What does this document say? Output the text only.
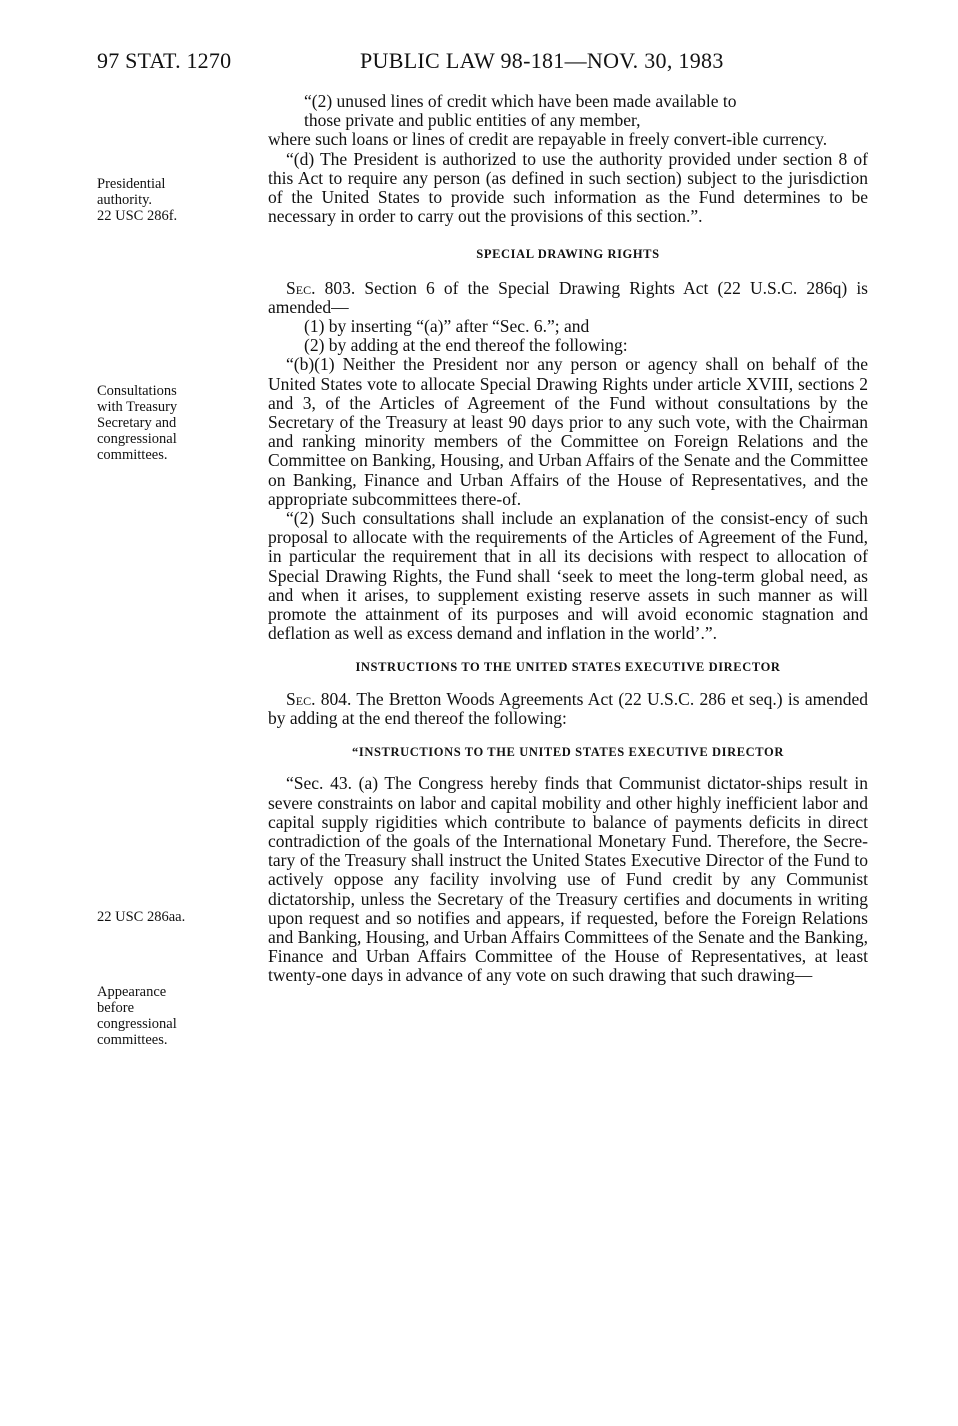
97 STAT. 1270	PUBLIC LAW 98-181—NOV. 30, 1983
Presidential
authority.
22 USC 286f.
Consultations
with Treasury
Secretary and
congressional
committees.
22 USC 286aa.
Appearance
before
congressional
committees.

“(2) unused lines of credit which have been made available to

those private and public entities of any member,

where such loans or lines of credit are repayable in freely convert-ible currency.

“(d) The President is authorized to use the authority provided under section 8 of this Act to require any person (as defined in such section) subject to the jurisdiction of the United States to provide such information as the Fund determines to be necessary in order to carry out the provisions of this section.”.

SPECIAL DRAWING RIGHTS

Sec. 803. Section 6 of the Special Drawing Rights Act (22 U.S.C. 286q) is amended—

(1) by inserting “(a)” after “Sec. 6.”; and

(2) by adding at the end thereof the following:

“(b)(1) Neither the President nor any person or agency shall on behalf of the United States vote to allocate Special Drawing Rights under article XVIII, sections 2 and 3, of the Articles of Agreement of the Fund without consultations by the Secretary of the Treasury at least 90 days prior to any such vote, with the Chairman and ranking minority members of the Committee on Foreign Relations and the Committee on Banking, Housing, and Urban Affairs of the Senate and the Committee on Banking, Finance and Urban Affairs of the House of Representatives, and the appropriate subcommittees there-of.

“(2) Such consultations shall include an explanation of the consist-ency of such proposal to allocate with the requirements of the Articles of Agreement of the Fund, in particular the requirement that in all its decisions with respect to allocation of Special Drawing Rights, the Fund shall ‘seek to meet the long-term global need, as and when it arises, to supplement existing reserve assets in such manner as will promote the attainment of its purposes and will avoid economic stagnation and deflation as well as excess demand and inflation in the world’.”.

INSTRUCTIONS TO THE UNITED STATES EXECUTIVE DIRECTOR

Sec. 804. The Bretton Woods Agreements Act (22 U.S.C. 286 et seq.) is amended by adding at the end thereof the following:

“INSTRUCTIONS TO THE UNITED STATES EXECUTIVE DIRECTOR

“Sec. 43. (a) The Congress hereby finds that Communist dictator-ships result in severe constraints on labor and capital mobility and other highly inefficient labor and capital supply rigidities which contribute to balance of payments deficits in direct contradiction of the goals of the International Monetary Fund. Therefore, the Secre-tary of the Treasury shall instruct the United States Executive Director of the Fund to actively oppose any facility involving use of Fund credit by any Communist dictatorship, unless the Secretary of the Treasury certifies and documents in writing upon request and so notifies and appears, if requested, before the Foreign Relations and Banking, Housing, and Urban Affairs Committees of the Senate and the Banking, Finance and Urban Affairs Committee of the House of Representatives, at least twenty-one days in advance of any vote on such drawing that such drawing—
